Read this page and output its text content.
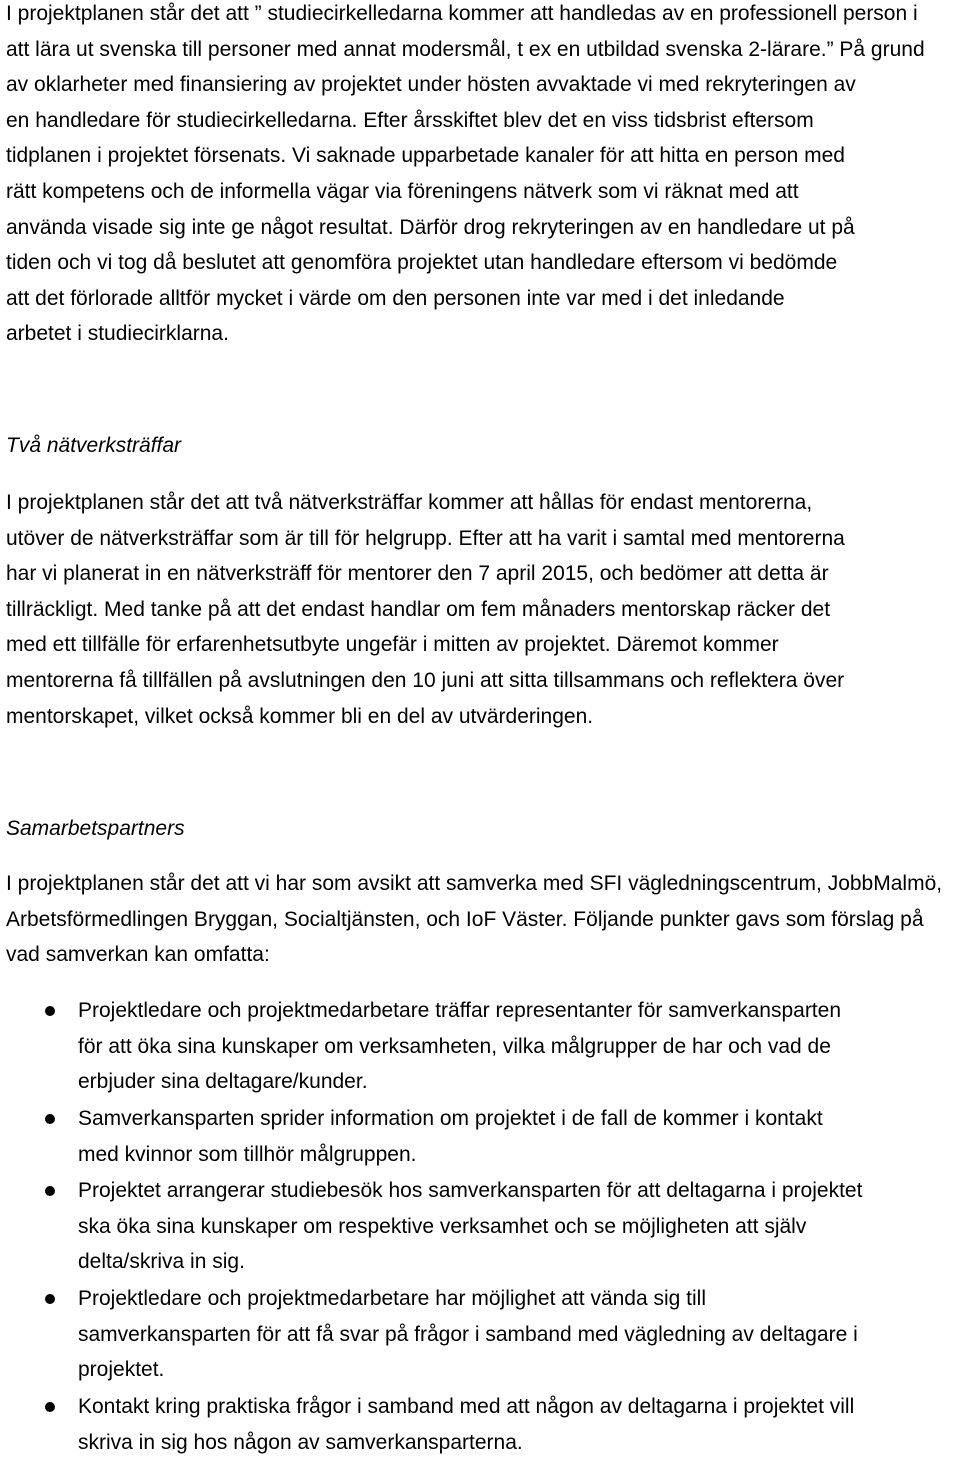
I projektplanen står det att ” studiecirkelledarna kommer att handledas av en professionell person i
att lära ut svenska till personer med annat modersmål, t ex en utbildad svenska 2-lärare.” På grund
av oklarheter med finansiering av projektet under hösten avvaktade vi med rekryteringen av
en handledare för studiecirkelledarna. Efter årsskiftet blev det en viss tidsbrist eftersom
tidplanen i projektet försenats. Vi saknade upparbetade kanaler för att hitta en person med
rätt kompetens och de informella vägar via föreningens nätverk som vi räknat med att
använda visade sig inte ge något resultat. Därför drog rekryteringen av en handledare ut på
tiden och vi tog då beslutet att genomföra projektet utan handledare eftersom vi bedömde
att det förlorade alltför mycket i värde om den personen inte var med i det inledande
arbetet i studiecirklarna.
Två nätverksträffar
I projektplanen står det att två nätverksträffar kommer att hållas för endast mentorerna,
utöver de nätverksträffar som är till för helgrupp. Efter att ha varit i samtal med mentorerna
har vi planerat in en nätverksträff för mentorer den 7 april 2015, och bedömer att detta är
tillräckligt. Med tanke på att det endast handlar om fem månaders mentorskap räcker det
med ett tillfälle för erfarenhetsutbyte ungefär i mitten av projektet. Däremot kommer
mentorerna få tillfällen på avslutningen den 10 juni att sitta tillsammans och reflektera över
mentorskapet, vilket också kommer bli en del av utvärderingen.
Samarbetspartners
I projektplanen står det att vi har som avsikt att samverka med SFI vägledningscentrum, JobbMalmö,
Arbetsförmedlingen Bryggan, Socialtjänsten, och IoF Väster. Följande punkter gavs som förslag på
vad samverkan kan omfatta:
Projektledare och projektmedarbetare träffar representanter för samverkansparten
för att öka sina kunskaper om verksamheten, vilka målgrupper de har och vad de
erbjuder sina deltagare/kunder.
Samverkansparten sprider information om projektet i de fall de kommer i kontakt
med kvinnor som tillhör målgruppen.
Projektet arrangerar studiebesök hos samverkansparten för att deltagarna i projektet
ska öka sina kunskaper om respektive verksamhet och se möjligheten att själv
delta/skriva in sig.
Projektledare och projektmedarbetare har möjlighet att vända sig till
samverkansparten för att få svar på frågor i samband med vägledning av deltagare i
projektet.
Kontakt kring praktiska frågor i samband med att någon av deltagarna i projektet vill
skriva in sig hos någon av samverkansparterna.
